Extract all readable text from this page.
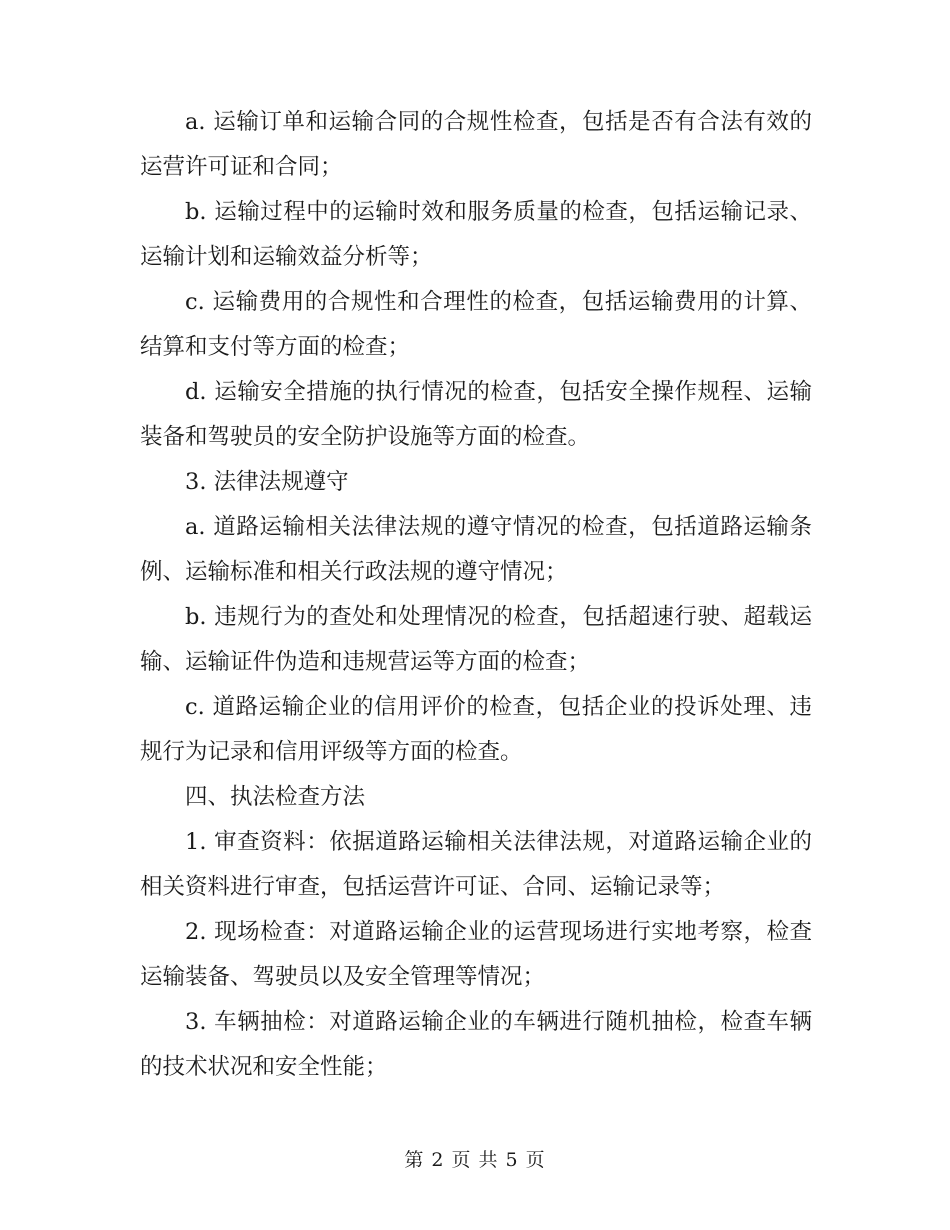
a. 运输订单和运输合同的合规性检查，包括是否有合法有效的运营许可证和合同；

b. 运输过程中的运输时效和服务质量的检查，包括运输记录、运输计划和运输效益分析等；

c. 运输费用的合规性和合理性的检查，包括运输费用的计算、结算和支付等方面的检查；

d. 运输安全措施的执行情况的检查，包括安全操作规程、运输装备和驾驶员的安全防护设施等方面的检查。

3. 法律法规遵守

a. 道路运输相关法律法规的遵守情况的检查，包括道路运输条例、运输标准和相关行政法规的遵守情况；

b. 违规行为的查处和处理情况的检查，包括超速行驶、超载运输、运输证件伪造和违规营运等方面的检查；

c. 道路运输企业的信用评价的检查，包括企业的投诉处理、违规行为记录和信用评级等方面的检查。

四、执法检查方法

1. 审查资料：依据道路运输相关法律法规，对道路运输企业的相关资料进行审查，包括运营许可证、合同、运输记录等；

2. 现场检查：对道路运输企业的运营现场进行实地考察，检查运输装备、驾驶员以及安全管理等情况；

3. 车辆抽检：对道路运输企业的车辆进行随机抽检，检查车辆的技术状况和安全性能；

第 2 页 共 5 页
